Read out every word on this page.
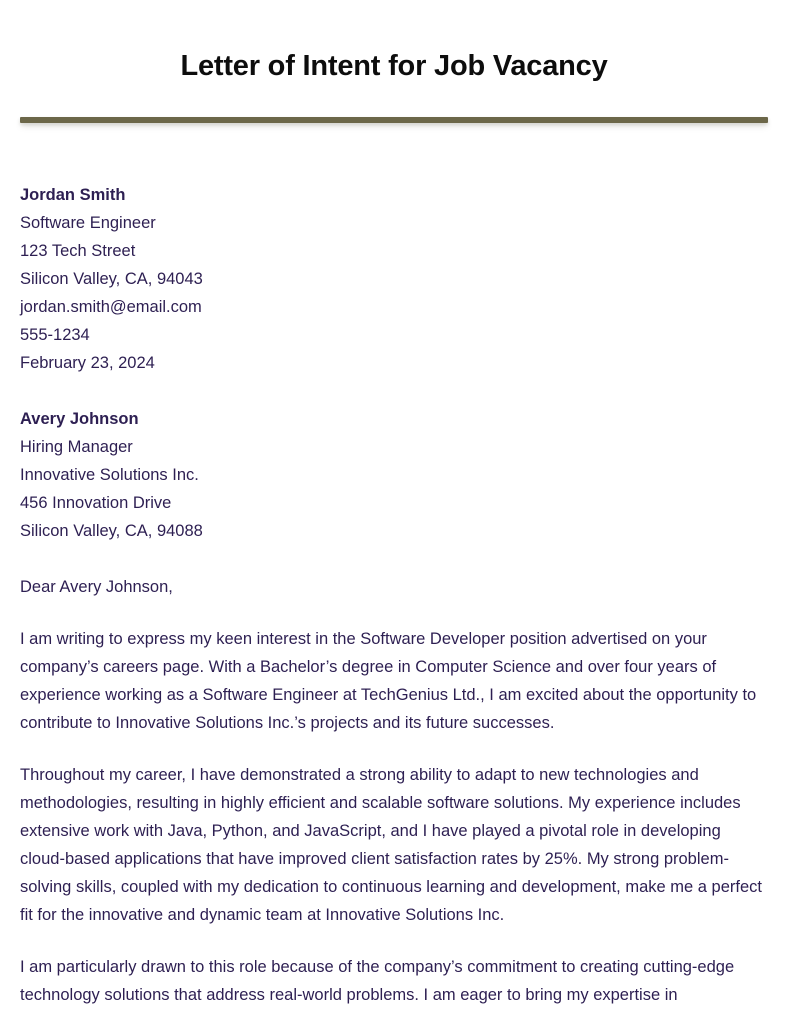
Letter of Intent for Job Vacancy
Jordan Smith
Software Engineer
123 Tech Street
Silicon Valley, CA, 94043
jordan.smith@email.com
555-1234
February 23, 2024
Avery Johnson
Hiring Manager
Innovative Solutions Inc.
456 Innovation Drive
Silicon Valley, CA, 94088

Dear Avery Johnson,

I am writing to express my keen interest in the Software Developer position advertised on your company’s careers page. With a Bachelor’s degree in Computer Science and over four years of experience working as a Software Engineer at TechGenius Ltd., I am excited about the opportunity to contribute to Innovative Solutions Inc.’s projects and its future successes.

Throughout my career, I have demonstrated a strong ability to adapt to new technologies and methodologies, resulting in highly efficient and scalable software solutions. My experience includes extensive work with Java, Python, and JavaScript, and I have played a pivotal role in developing cloud-based applications that have improved client satisfaction rates by 25%. My strong problem-solving skills, coupled with my dedication to continuous learning and development, make me a perfect fit for the innovative and dynamic team at Innovative Solutions Inc.

I am particularly drawn to this role because of the company’s commitment to creating cutting-edge technology solutions that address real-world problems. I am eager to bring my expertise in
